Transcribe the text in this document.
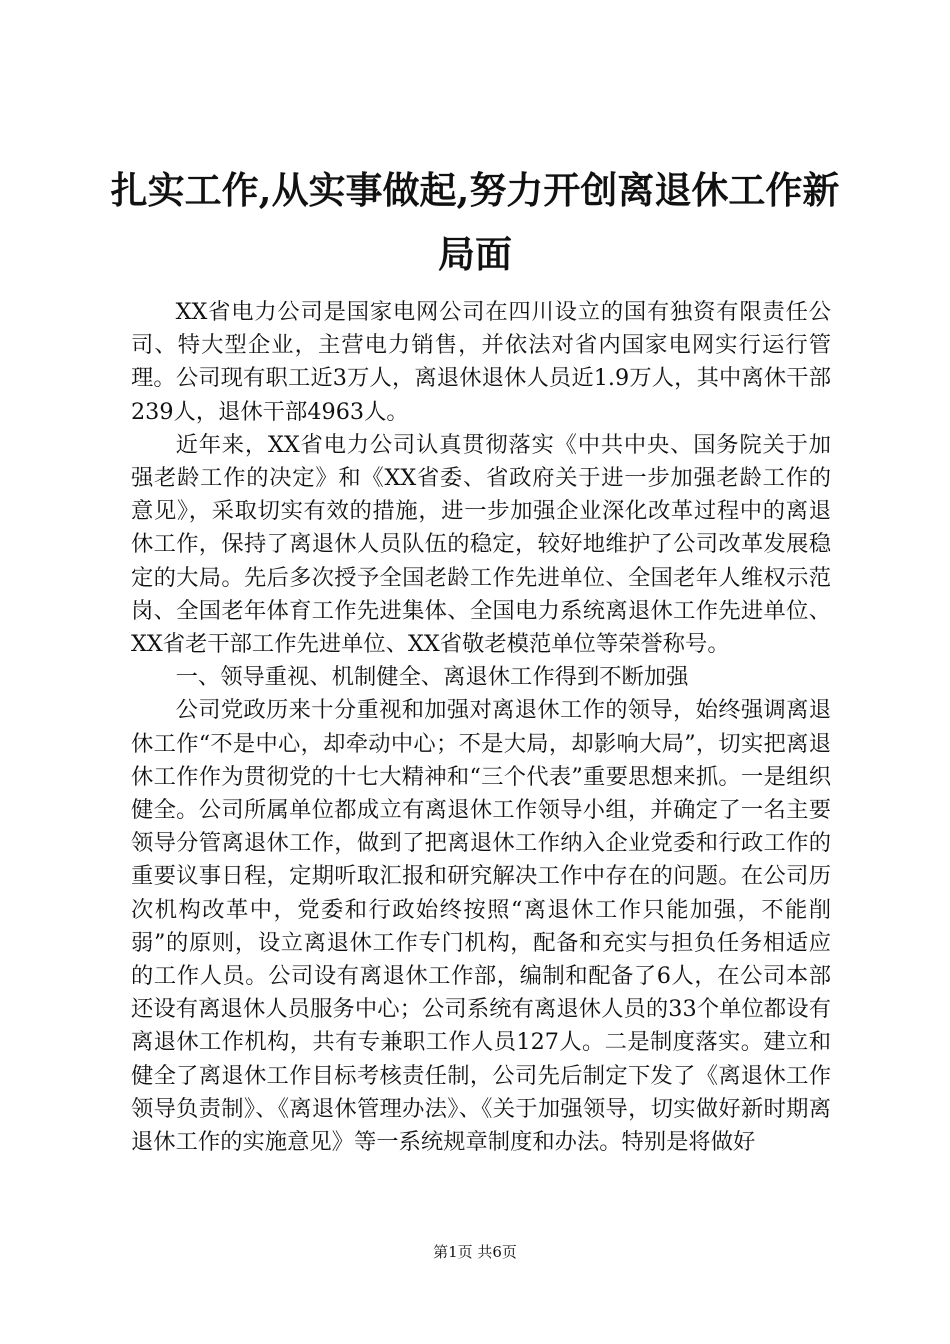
扎实工作,从实事做起,努力开创离退休工作新局面

XX省电力公司是国家电网公司在四川设立的国有独资有限责任公司、特大型企业，主营电力销售，并依法对省内国家电网实行运行管理。公司现有职工近3万人，离退休退休人员近1.9万人，其中离休干部239人，退休干部4963人。

近年来，XX省电力公司认真贯彻落实《中共中央、国务院关于加强老龄工作的决定》和《XX省委、省政府关于进一步加强老龄工作的意见》，采取切实有效的措施，进一步加强企业深化改革过程中的离退休工作，保持了离退休人员队伍的稳定，较好地维护了公司改革发展稳定的大局。先后多次授予全国老龄工作先进单位、全国老年人维权示范岗、全国老年体育工作先进集体、全国电力系统离退休工作先进单位、XX省老干部工作先进单位、XX省敬老模范单位等荣誉称号。

一、领导重视、机制健全、离退休工作得到不断加强

公司党政历来十分重视和加强对离退休工作的领导，始终强调离退休工作“不是中心，却牵动中心；不是大局，却影响大局”，切实把离退休工作作为贯彻党的十七大精神和“三个代表”重要思想来抓。一是组织健全。公司所属单位都成立有离退休工作领导小组，并确定了一名主要领导分管离退休工作，做到了把离退休工作纳入企业党委和行政工作的重要议事日程，定期听取汇报和研究解决工作中存在的问题。在公司历次机构改革中，党委和行政始终按照“离退休工作只能加强，不能削弱”的原则，设立离退休工作专门机构，配备和充实与担负任务相适应的工作人员。公司设有离退休工作部，编制和配备了6人，在公司本部还设有离退休人员服务中心；公司系统有离退休人员的33个单位都设有离退休工作机构，共有专兼职工作人员127人。二是制度落实。建立和健全了离退休工作目标考核责任制，公司先后制定下发了《离退休工作领导负责制》、《离退休管理办法》、《关于加强领导，切实做好新时期离退休工作的实施意见》等一系统规章制度和办法。特别是将做好

第1页 共6页
